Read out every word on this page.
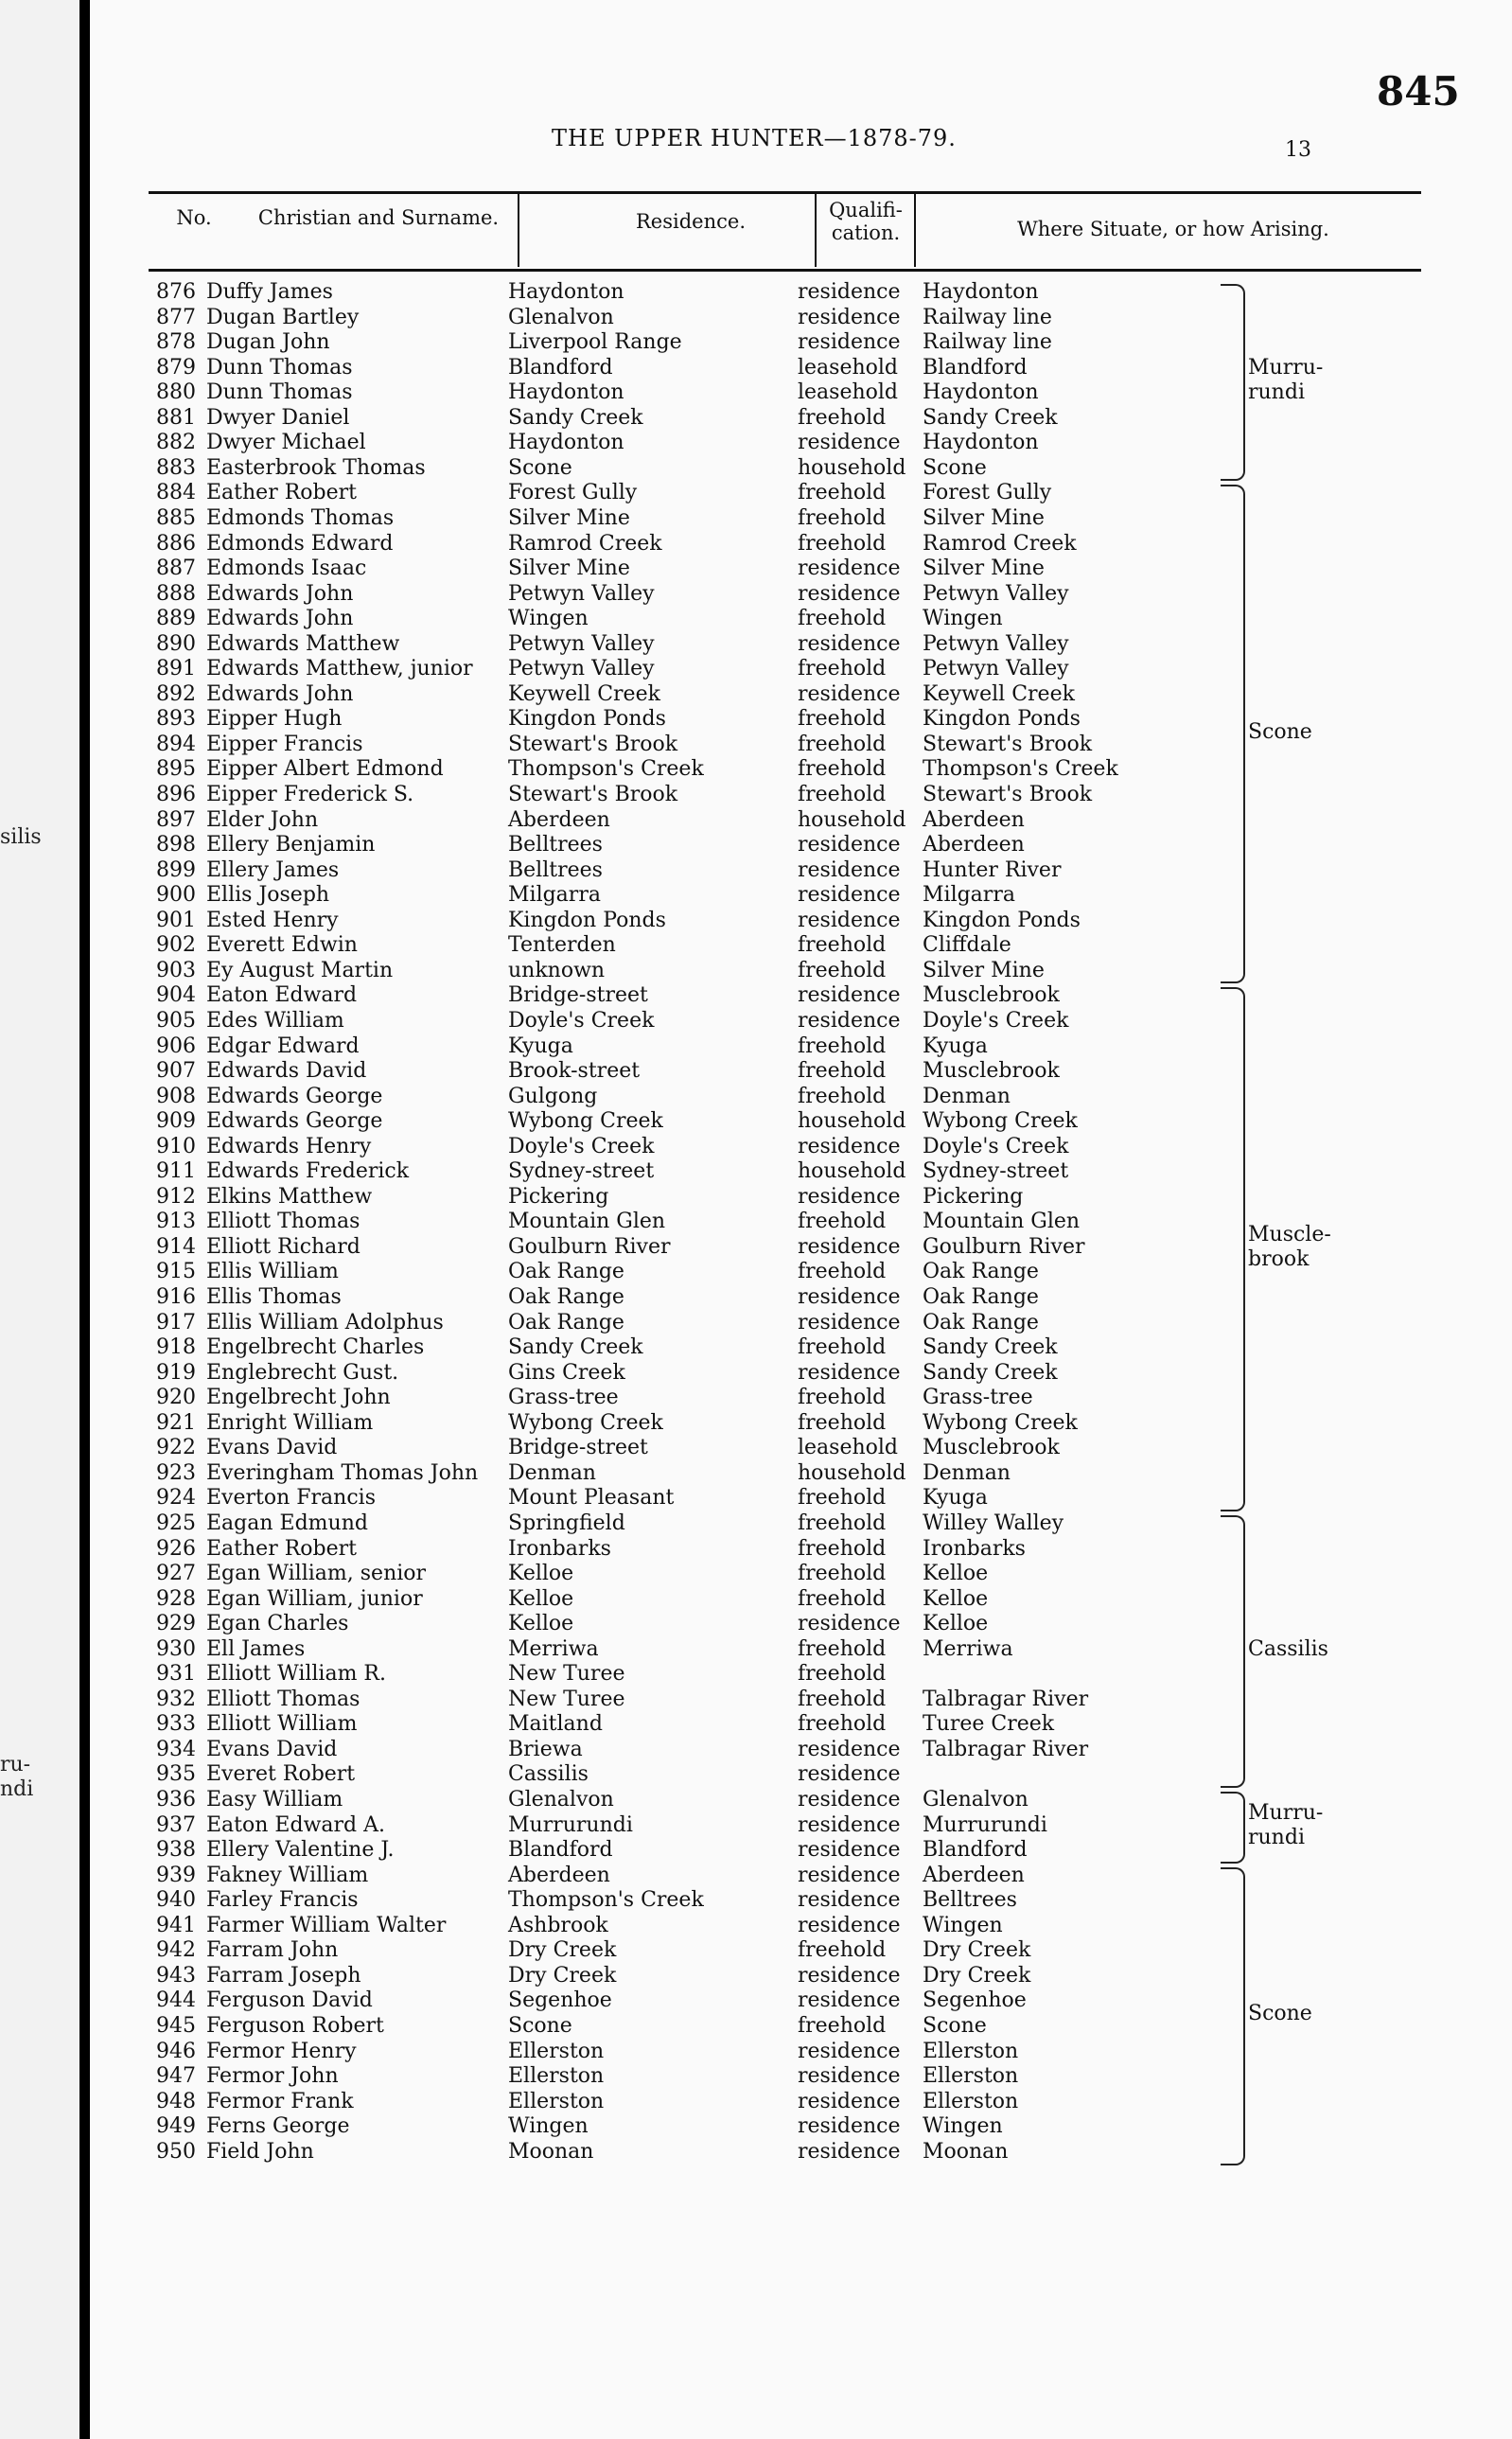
silis
ru-
ndi
845
THE UPPER HUNTER—1878-79.	13
No.	Christian and Surname.	Residence.	Qualifi-
cation.	Where Situate, or how Arising.
876 Duffy James	Haydonton	residence Haydonton
877 Dugan Bartley	Glenalvon	residence Railway line
878 Dugan John	Liverpool Range	residence Railway line
879 Dunn Thomas	Blandford	leasehold Blandford
880 Dunn Thomas	Haydonton	leasehold Haydonton
881 Dwyer Daniel	Sandy Creek	freehold Sandy Creek
882 Dwyer Michael	Haydonton	residence Haydonton
883 Easterbrook Thomas	Scone	household Scone
884 Eather Robert	Forest Gully	freehold Forest Gully
885 Edmonds Thomas	Silver Mine	freehold Silver Mine
886 Edmonds Edward	Ramrod Creek	freehold Ramrod Creek
887 Edmonds Isaac	Silver Mine	residence Silver Mine
888 Edwards John	Petwyn Valley	residence Petwyn Valley
889 Edwards John	Wingen	freehold Wingen
890 Edwards Matthew	Petwyn Valley	residence Petwyn Valley
891 Edwards Matthew, junior Petwyn Valley	freehold Petwyn Valley
892 Edwards John	Keywell Creek	residence Keywell Creek
893 Eipper Hugh	Kingdon Ponds	freehold Kingdon Ponds
894 Eipper Francis	Stewart's Brook	freehold Stewart's Brook
895 Eipper Albert Edmond	Thompson's Creek	freehold Thompson's Creek
896 Eipper Frederick S.	Stewart's Brook	freehold Stewart's Brook
897 Elder John	Aberdeen	household Aberdeen
898 Ellery Benjamin	Belltrees	residence Aberdeen
899 Ellery James	Belltrees	residence Hunter River
900 Ellis Joseph	Milgarra	residence Milgarra
901 Ested Henry	Kingdon Ponds	residence Kingdon Ponds
902 Everett Edwin	Tenterden	freehold Cliffdale
903 Ey August Martin	unknown	freehold Silver Mine
904 Eaton Edward	Bridge-street	residence Musclebrook
905 Edes William	Doyle's Creek	residence Doyle's Creek
906 Edgar Edward	Kyuga	freehold Kyuga
907 Edwards David	Brook-street	freehold Musclebrook
908 Edwards George	Gulgong	freehold Denman
909 Edwards George	Wybong Creek	household Wybong Creek
910 Edwards Henry	Doyle's Creek	residence Doyle's Creek
911 Edwards Frederick	Sydney-street	household Sydney-street
912 Elkins Matthew	Pickering	residence Pickering
913 Elliott Thomas	Mountain Glen	freehold Mountain Glen
914 Elliott Richard	Goulburn River	residence Goulburn River
915 Ellis William	Oak Range	freehold Oak Range
916 Ellis Thomas	Oak Range	residence Oak Range
917 Ellis William Adolphus	Oak Range	residence Oak Range
918 Engelbrecht Charles	Sandy Creek	freehold Sandy Creek
919 Englebrecht Gust.	Gins Creek	residence Sandy Creek
920 Engelbrecht John	Grass-tree	freehold Grass-tree
921 Enright William	Wybong Creek	freehold Wybong Creek
922 Evans David	Bridge-street	leasehold Musclebrook
923 Everingham Thomas John Denman	household Denman
924 Everton Francis	Mount Pleasant	freehold Kyuga
925 Eagan Edmund	Springfield	freehold Willey Walley
926 Eather Robert	Ironbarks	freehold Ironbarks
927 Egan William, senior	Kelloe	freehold Kelloe
928 Egan William, junior	Kelloe	freehold Kelloe
929 Egan Charles	Kelloe	residence Kelloe
930 Ell James	Merriwa	freehold Merriwa
931 Elliott William R.	New Turee	freehold
932 Elliott Thomas	New Turee	freehold Talbragar River
933 Elliott William	Maitland	freehold Turee Creek
934 Evans David	Briewa	residence Talbragar River
935 Everet Robert	Cassilis	residence
936 Easy William	Glenalvon	residence Glenalvon
937 Eaton Edward A.	Murrurundi	residence Murrurundi
938 Ellery Valentine J.	Blandford	residence Blandford
939 Fakney William	Aberdeen	residence Aberdeen
940 Farley Francis	Thompson's Creek	residence Belltrees
941 Farmer William Walter	Ashbrook	residence Wingen
942 Farram John	Dry Creek	freehold Dry Creek
943 Farram Joseph	Dry Creek	residence Dry Creek
944 Ferguson David	Segenhoe	residence Segenhoe
945 Ferguson Robert	Scone	freehold Scone
946 Fermor Henry	Ellerston	residence Ellerston
947 Fermor John	Ellerston	residence Ellerston
948 Fermor Frank	Ellerston	residence Ellerston
949 Ferns George	Wingen	residence Wingen
950 Field John	Moonan	residence Moonan
Murru-
rundi
Scone
Muscle-
brook
Cassilis
Murru-
rundi
Scone
